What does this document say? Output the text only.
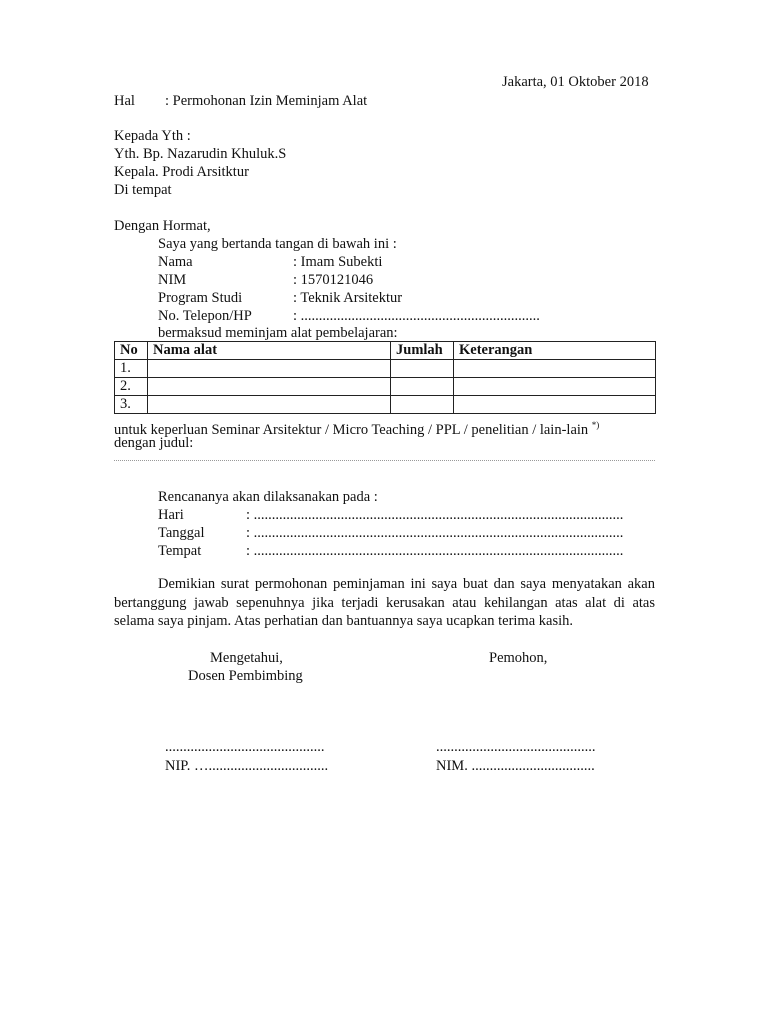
Jakarta, 01 Oktober 2018
Hal : Permohonan Izin Meminjam Alat
Kepada Yth :
Yth. Bp. Nazarudin Khuluk.S
Kepala. Prodi Arsitktur
Di tempat
Dengan Hormat,
Saya yang bertanda tangan di bawah ini :
Nama	: Imam Subekti
NIM	: 1570121046
Program Studi	: Teknik Arsitektur
No. Telepon/HP	: ..................................................................
bermaksud meminjam alat pembelajaran:
No	Nama alat	Jumlah	Keterangan
1.			
2.			
3.			
untuk keperluan Seminar Arsitektur / Micro Teaching / PPL / penelitian / lain-lain *)
dengan judul:
Rencananya akan dilaksanakan pada :
Hari	: ......................................................................................................
Tanggal	: ......................................................................................................
Tempat	: ......................................................................................................

Demikian surat permohonan peminjaman ini saya buat dan saya menyatakan akan bertanggung jawab sepenuhnya jika terjadi kerusakan atau kehilangan atas alat di atas selama saya pinjam. Atas perhatian dan bantuannya saya ucapkan terima kasih.

Mengetahui,
Dosen Pembimbing
Pemohon,
............................................
NIP. ….................................
............................................
NIM. ..................................
